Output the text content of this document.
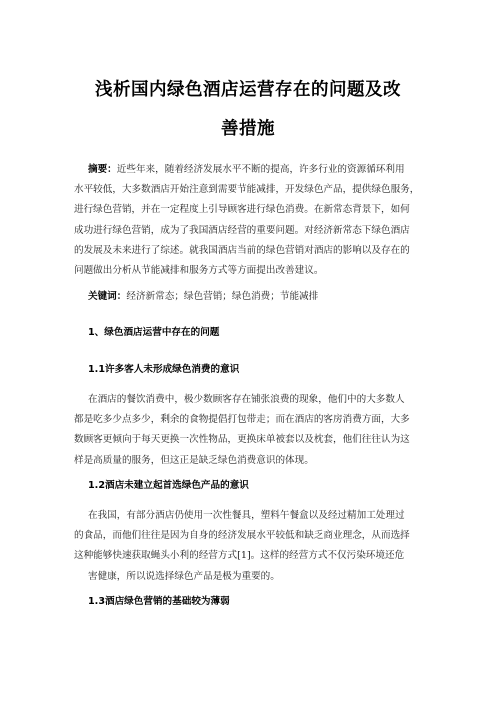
浅析国内绿色酒店运营存在的问题及改
善措施
摘要：近些年来，随着经济发展水平不断的提高，许多行业的资源循环利用
水平较低，大多数酒店开始注意到需要节能减排，开发绿色产品，提供绿色服务，
进行绿色营销，并在一定程度上引导顾客进行绿色消费。在新常态背景下，如何
成功进行绿色营销，成为了我国酒店经营的重要问题。对经济新常态下绿色酒店
的发展及未来进行了综述。就我国酒店当前的绿色营销对酒店的影响以及存在的
问题做出分析从节能减排和服务方式等方面提出改善建议。
关键词：经济新常态；绿色营销；绿色消费；节能减排
1、绿色酒店运营中存在的问题
1.1许多客人未形成绿色消费的意识
在酒店的餐饮消费中，极少数顾客存在铺张浪费的现象，他们中的大多数人
都是吃多少点多少，剩余的食物提倡打包带走；而在酒店的客房消费方面，大多
数顾客更倾向于每天更换一次性物品，更换床单被套以及枕套，他们往往认为这
样是高质量的服务，但这正是缺乏绿色消费意识的体现。
1.2酒店未建立起首选绿色产品的意识
在我国，有部分酒店仍使用一次性餐具，塑料午餐盒以及经过精加工处理过
的食品，而他们往往是因为自身的经济发展水平较低和缺乏商业理念，从而选择
这种能够快速获取蝇头小利的经营方式[1]。这样的经营方式不仅污染环境还危
害健康，所以说选择绿色产品是极为重要的。
1.3酒店绿色营销的基础较为薄弱
